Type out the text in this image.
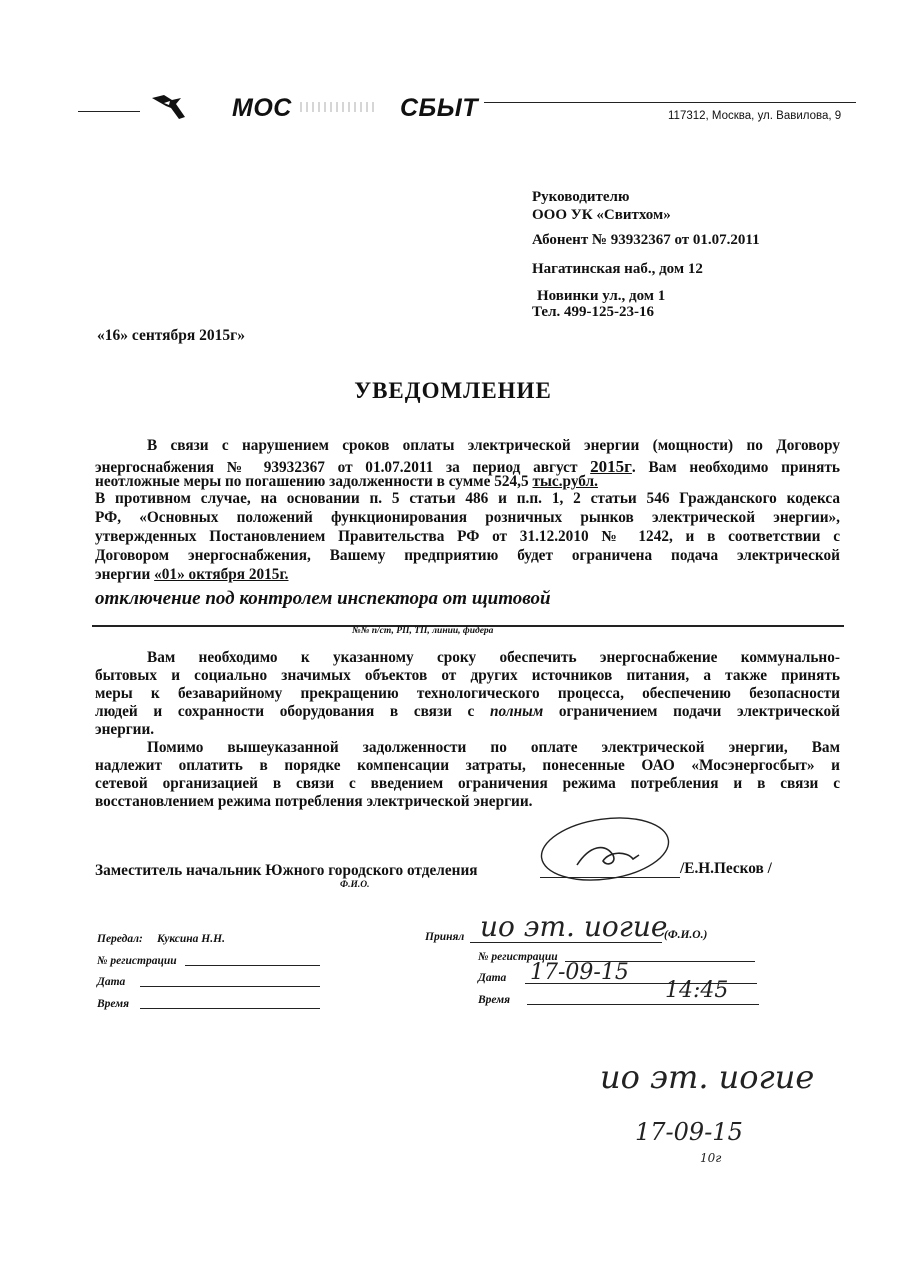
МОС	СБЫТ	117312, Москва, ул. Вавилова, 9
Руководителю
ООО УК «Свитхом»
Абонент № 93932367 от 01.07.2011
Нагатинская наб., дом 12
Новинки ул., дом 1
Тел. 499-125-23-16
«16» сентября 2015г»
УВЕДОМЛЕНИЕ
В связи с нарушением сроков оплаты электрической энергии (мощности) по Договору
энергоснабжения № 93932367 от 01.07.2011 за период август 2015г. Вам необходимо принять
неотложные меры по погашению задолженности в сумме 524,5 тыс.рубл.
В противном случае, на основании п. 5 статьи 486 и п.п. 1, 2 статьи 546 Гражданского кодекса
РФ, «Основных положений функционирования розничных рынков электрической энергии»,
утвержденных Постановлением Правительства РФ от 31.12.2010 № 1242, и в соответствии с
Договором энергоснабжения, Вашему предприятию будет ограничена подача электрической
энергии «01» октября 2015г.
отключение под контролем инспектора от щитовой
№№ п/ст, РП, ТП, линии, фидера
Вам необходимо к указанному сроку обеспечить энергоснабжение коммунально-
бытовых и социально значимых объектов от других источников питания, а также принять
меры к безаварийному прекращению технологического процесса, обеспечению безопасности
людей и сохранности оборудования в связи с полным ограничением подачи электрической
энергии.
Помимо вышеуказанной задолженности по оплате электрической энергии, Вам
надлежит оплатить в порядке компенсации затраты, понесенные ОАО «Мосэнергосбыт» и
сетевой организацией в связи с введением ограничения режима потребления и в связи с
восстановлением режима потребления электрической энергии.
Заместитель начальник Южного городского отделения	/Е.Н.Песков /
Ф.И.О.
Передал: Куксина Н.Н.
№ регистрации
Дата
Время
Принял	(Ф.И.О.)
ио эт. иогие
№ регистрации
Дата 17-09-15
Время	14:45
ио эт. иогие
17-09-15
10г
